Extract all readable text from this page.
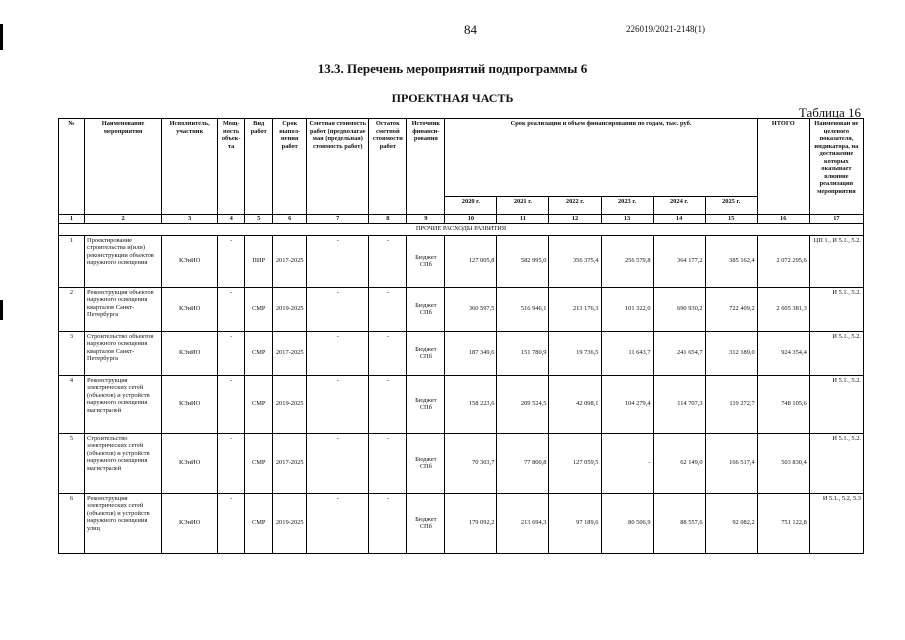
84	226019/2021-2148(1)
13.3. Перечень мероприятий подпрограммы 6
ПРОЕКТНАЯ ЧАСТЬ
Таблица 16
№	Наименование мероприятия	Исполнитель, участник	Мощ-ность объек-та	Вид работ	Срок выпол-нения работ	Сметная стоимость работ (предполагае мая (предельная) стоимость работ)	Остаток сметной стоимости работ	Источник финанси-рования	Срок реализации и объем финансировании по годам, тыс. руб.						ИТОГО	Наименован ие целевого показателя, индикатора, на достижение которых оказывает влияние реализация мероприятия
									2020 г.	2021 г.	2022 г.	2023 г.	2024 г.	2025 г.		
1	2	3	4	5	6	7	8	9	10	11	12	13	14	15	16	17
ПРОЧИЕ РАСХОДЫ РАЗВИТИЯ																
1	Проектирование строительства и(или) реконструкции объектов наружного освещения	КЭиИО	-	ПИР	2017-2025	-	-	Бюджет СПб	127 005,8	582 995,0	356 375,4	256 579,8	364 177,2	385 162,4	2 072 295,6	ЦП 1., И 5.1., 5.2.
2	Реконструкция объектов наружного освещения кварталов Санкт-Петербурга	КЭиИО	-	СМР	2019-2025	-	-	Бюджет СПб	360 597,5	516 946,1	213 176,3	101 322,0	690 930,2	722 409,2	2 605 381,3	И 5.1., 5.2.
3	Строительство объектов наружного освещения кварталов Санкт-Петербурга	КЭиИО	-	СМР	2017-2025	-	-	Бюджет СПб	187 349,6	151 780,9	19 736,5	11 643,7	241 654,7	312 189,0	924 354,4	И 5.1., 5.2.
4	Реконструкция электрических сетей (объектов) и устройств наружного освещения магистралей	КЭиИО	-	СМР	2019-2025	-	-	Бюджет СПб	158 223,6	209 524,5	42 098,1	104 279,4	114 707,3	119 272,7	748 105,6	И 5.1., 5.2.
5	Строительство электрических сетей (объектов) и устройств наружного освещения магистралей	КЭиИО	-	СМР	2017-2025	-	-	Бюджет СПб	70 303,7	77 800,8	127 059,5	-	62 149,0	166 517,4	503 830,4	И 5.1., 5.2.
6	Реконструкция электрических сетей (объектов) и устройств наружного освещения улиц	КЭиИО	-	СМР	2019-2025	-	-	Бюджет СПб	179 092,2	213 694,3	97 189,6	80 506,9	88 557,6	92 082,2	751 122,8	И 5.1., 5.2, 5.3
